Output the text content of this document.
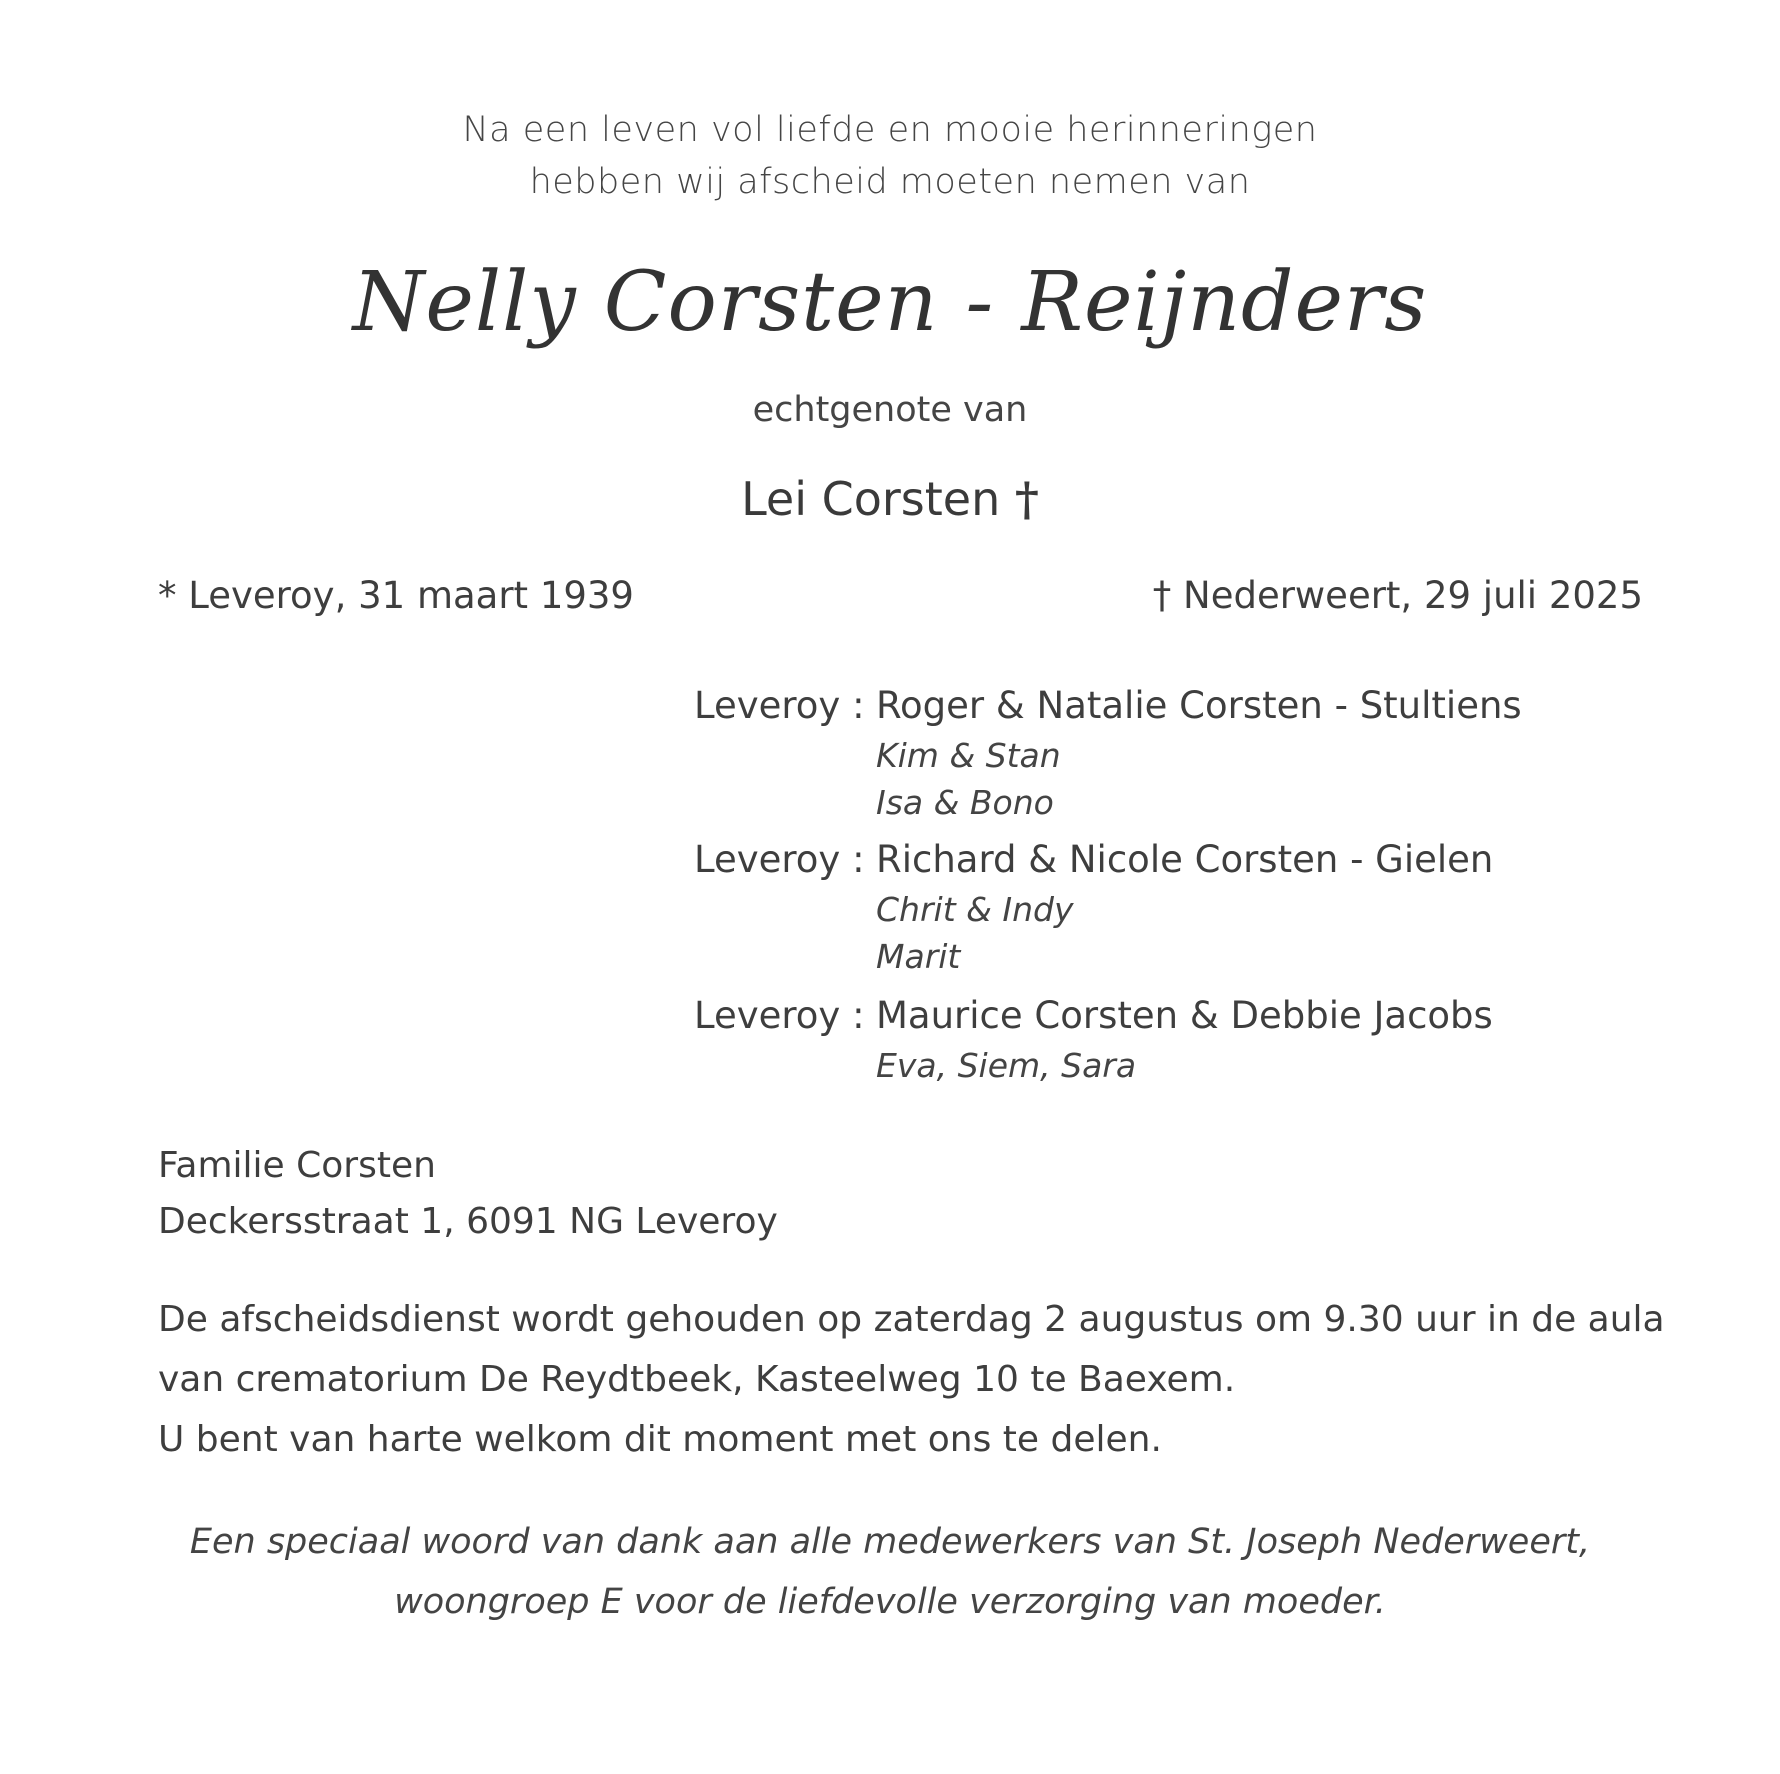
Na een leven vol liefde en mooie herinneringen
hebben wij afscheid moeten nemen van
Nelly Corsten - Reijnders
echtgenote van
Lei Corsten †
* Leveroy, 31 maart 1939	† Nederweert, 29 juli 2025
Leveroy : Roger & Natalie Corsten - Stultiens
Kim & Stan
Isa & Bono
Leveroy : Richard & Nicole Corsten - Gielen
Chrit & Indy
Marit
Leveroy : Maurice Corsten & Debbie Jacobs
Eva, Siem, Sara
Familie Corsten
Deckersstraat 1, 6091 NG Leveroy
De afscheidsdienst wordt gehouden op zaterdag 2 augustus om 9.30 uur in de aula
van crematorium De Reydtbeek, Kasteelweg 10 te Baexem.
U bent van harte welkom dit moment met ons te delen.
Een speciaal woord van dank aan alle medewerkers van St. Joseph Nederweert,
woongroep E voor de liefdevolle verzorging van moeder.
